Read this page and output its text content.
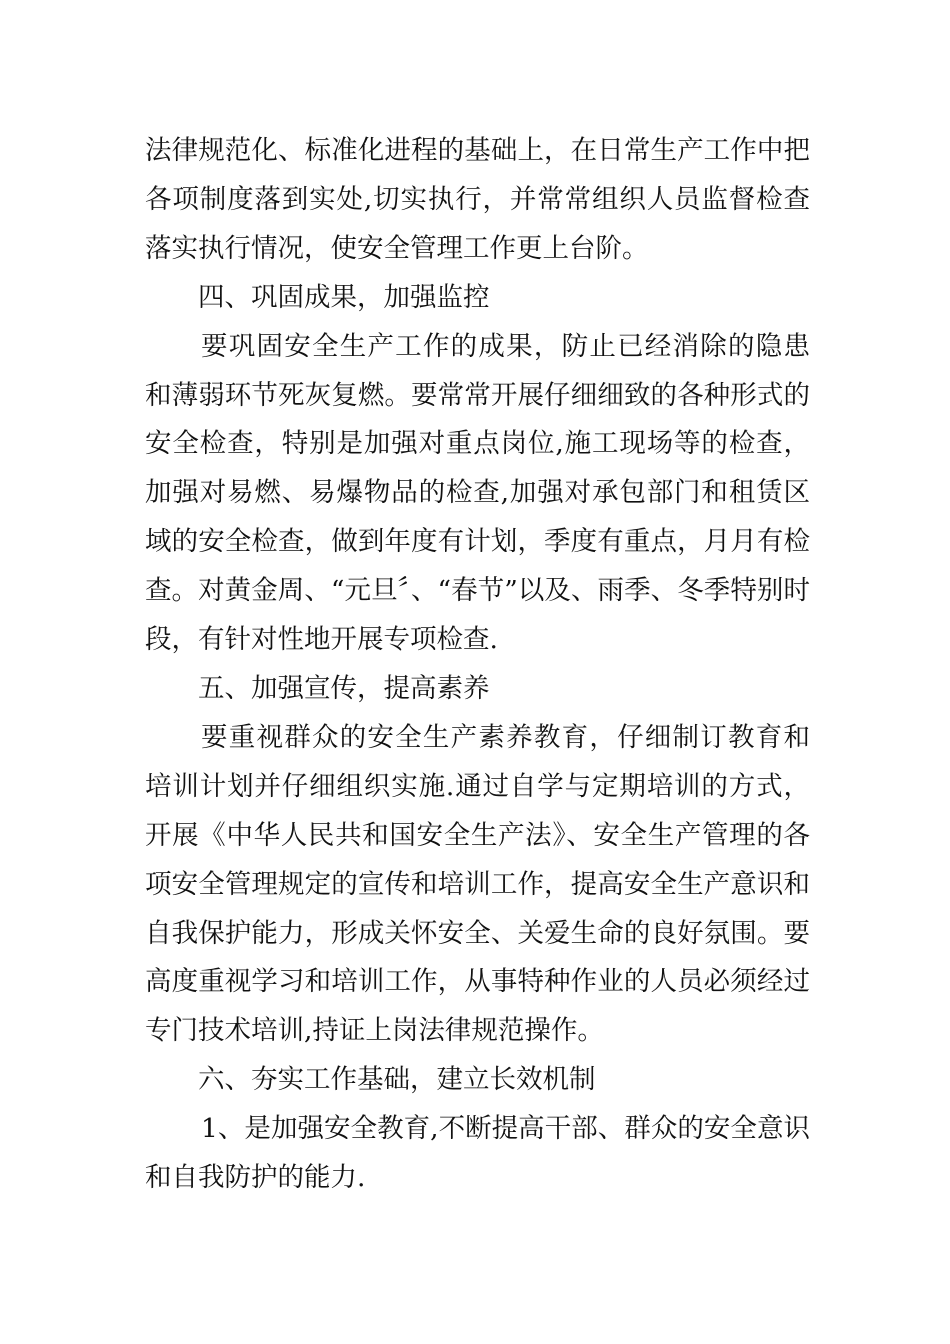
法律规范化、标准化进程的基础上，在日常生产工作中把各项制度落到实处,切实执行，并常常组织人员监督检查落实执行情况，使安全管理工作更上台阶。

四、巩固成果，加强监控

要巩固安全生产工作的成果，防止已经消除的隐患和薄弱环节死灰复燃。要常常开展仔细细致的各种形式的安全检查，特别是加强对重点岗位,施工现场等的检查，加强对易燃、易爆物品的检查,加强对承包部门和租赁区域的安全检查，做到年度有计划，季度有重点，月月有检查。对黄金周、“元旦〞、“春节”以及、雨季、冬季特别时段，有针对性地开展专项检查.

五、加强宣传，提高素养

要重视群众的安全生产素养教育，仔细制订教育和培训计划并仔细组织实施.通过自学与定期培训的方式，开展《中华人民共和国安全生产法》、安全生产管理的各项安全管理规定的宣传和培训工作，提高安全生产意识和自我保护能力，形成关怀安全、关爱生命的良好氛围。要高度重视学习和培训工作，从事特种作业的人员必须经过专门技术培训,持证上岗法律规范操作。

六、夯实工作基础，建立长效机制

1、是加强安全教育,不断提高干部、群众的安全意识和自我防护的能力.
